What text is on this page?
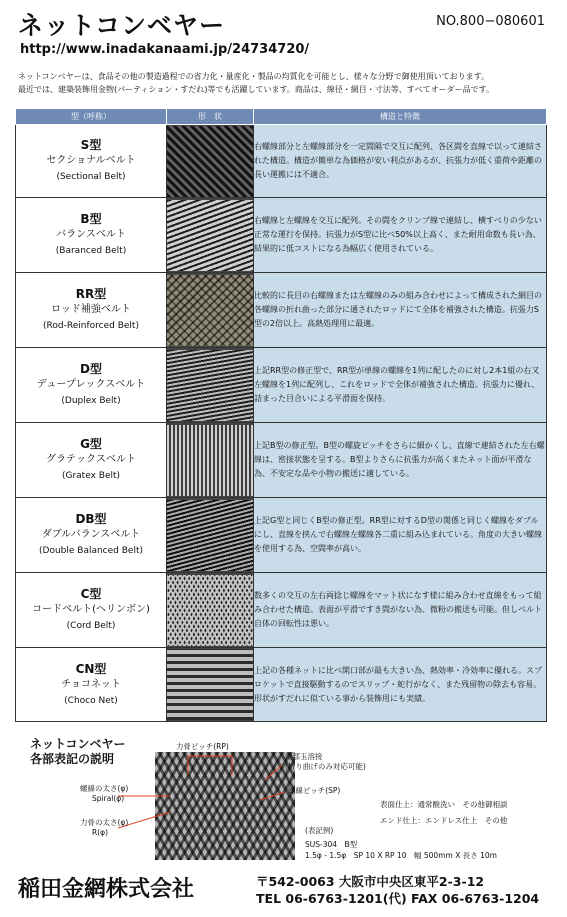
ネットコンベヤー	NO.800−080601
http://www.inadakanaami.jp/24734720/
ネットコンベヤーは、食品その他の製造過程での省力化・量産化・製品の均質化を可能とし、様々な分野で御使用頂いております。
最近では、建築装飾用金物(パーティション・すだれ)等でも活躍しています。商品は、線径・網目・寸法等、すべてオーダー品です。
型（呼称）	形　状	構造と特徴

S型
セクショナルベルト
(Sectional Belt)		右螺線部分と左螺線部分を一定間隔で交互に配列、各区間を直線で以って連結された構造。構造が簡単な為価格が安い利点があるが、抗張力が低く重荷や距離の長い運搬には不適合。

B型
バランスベルト
(Baranced Belt)		右螺線と左螺線を交互に配列。その間をクリンプ線で連結し、横すべりの少ない正常な運行を保持。抗張力がS型に比べ50%以上高く、また耐用命数も長い為、結果的に低コストになる為幅広く使用されている。

RR型
ロッド補強ベルト
(Rod-Reinforced Belt)		比較的に長目の右螺線または左螺線のみの組み合わせによって構成された網目の各螺線の折れ曲った部分に通されたロッドにて全体を補強された構造。抗張力S型の2倍以上。高熱処理用に最適。

D型
デュープレックスベルト
(Duplex Belt)		上記RR型の修正型で、RR型が単線の螺線を1列に配したのに対し2本1組の右又左螺線を1列に配列し、これをロッドで全体が補強された構造。抗張力に優れ、詰まった目合いによる平滑面を保持。

G型
グラテックスベルト
(Gratex Belt)		上記B型の修正型。B型の螺旋ピッチをさらに細かくし、直線で連結された左右螺線は、密接状態を呈する。B型よりさらに抗張力が高くまたネット面が平滑な為、不安定な品や小物の搬送に適している。

DB型
ダブルバランスベルト
(Double Balanced Belt)		上記G型と同じくB型の修正型。RR型に対するD型の関係と同じく螺線をダブルにし、直線を挟んで右螺線左螺線各二重に組み込まれている。角度の大きい螺線を使用する為、空間率が高い。

C型
コードベルト(ヘリンボン)
(Cord Belt)		数多くの交互の左右両捻じ螺線をマット状になす様に組み合わせ直線をもって組み合わせた構造。表面が平滑ですき間がない為、微粉の搬送も可能。但しベルト自体の回転性は悪い。

CN型
チョコネット
(Choco Net)		上記の各種ネットに比べ開口部が最も大きい為、熱効率・冷効率に優れる。スプロケットで直接駆動するのでスリップ・蛇行がなく、また残留物の除去も容易。形状がすだれに似ている事から装飾用にも実績。
ネットコンベヤー
各部表記の説明
力骨ピッチ(RP)
端部玉溶接
(折り曲げのみ対応可能)
螺線の太さ(φ)
Spiral(φ)
螺線ピッチ(SP)
力骨の太さ(φ)
R(φ)
表面仕上：通常酸洗い　その他御相談
エンド仕上：エンドレス仕上　その他
(表記例)
SUS-304　B型
1.5φ - 1.5φ　SP 10 X RP 10　幅 500mm X 長さ 10m
稲田金網株式会社	〒542-0063 大阪市中央区東平2-3-12
TEL 06-6763-1201(代) FAX 06-6763-1204
